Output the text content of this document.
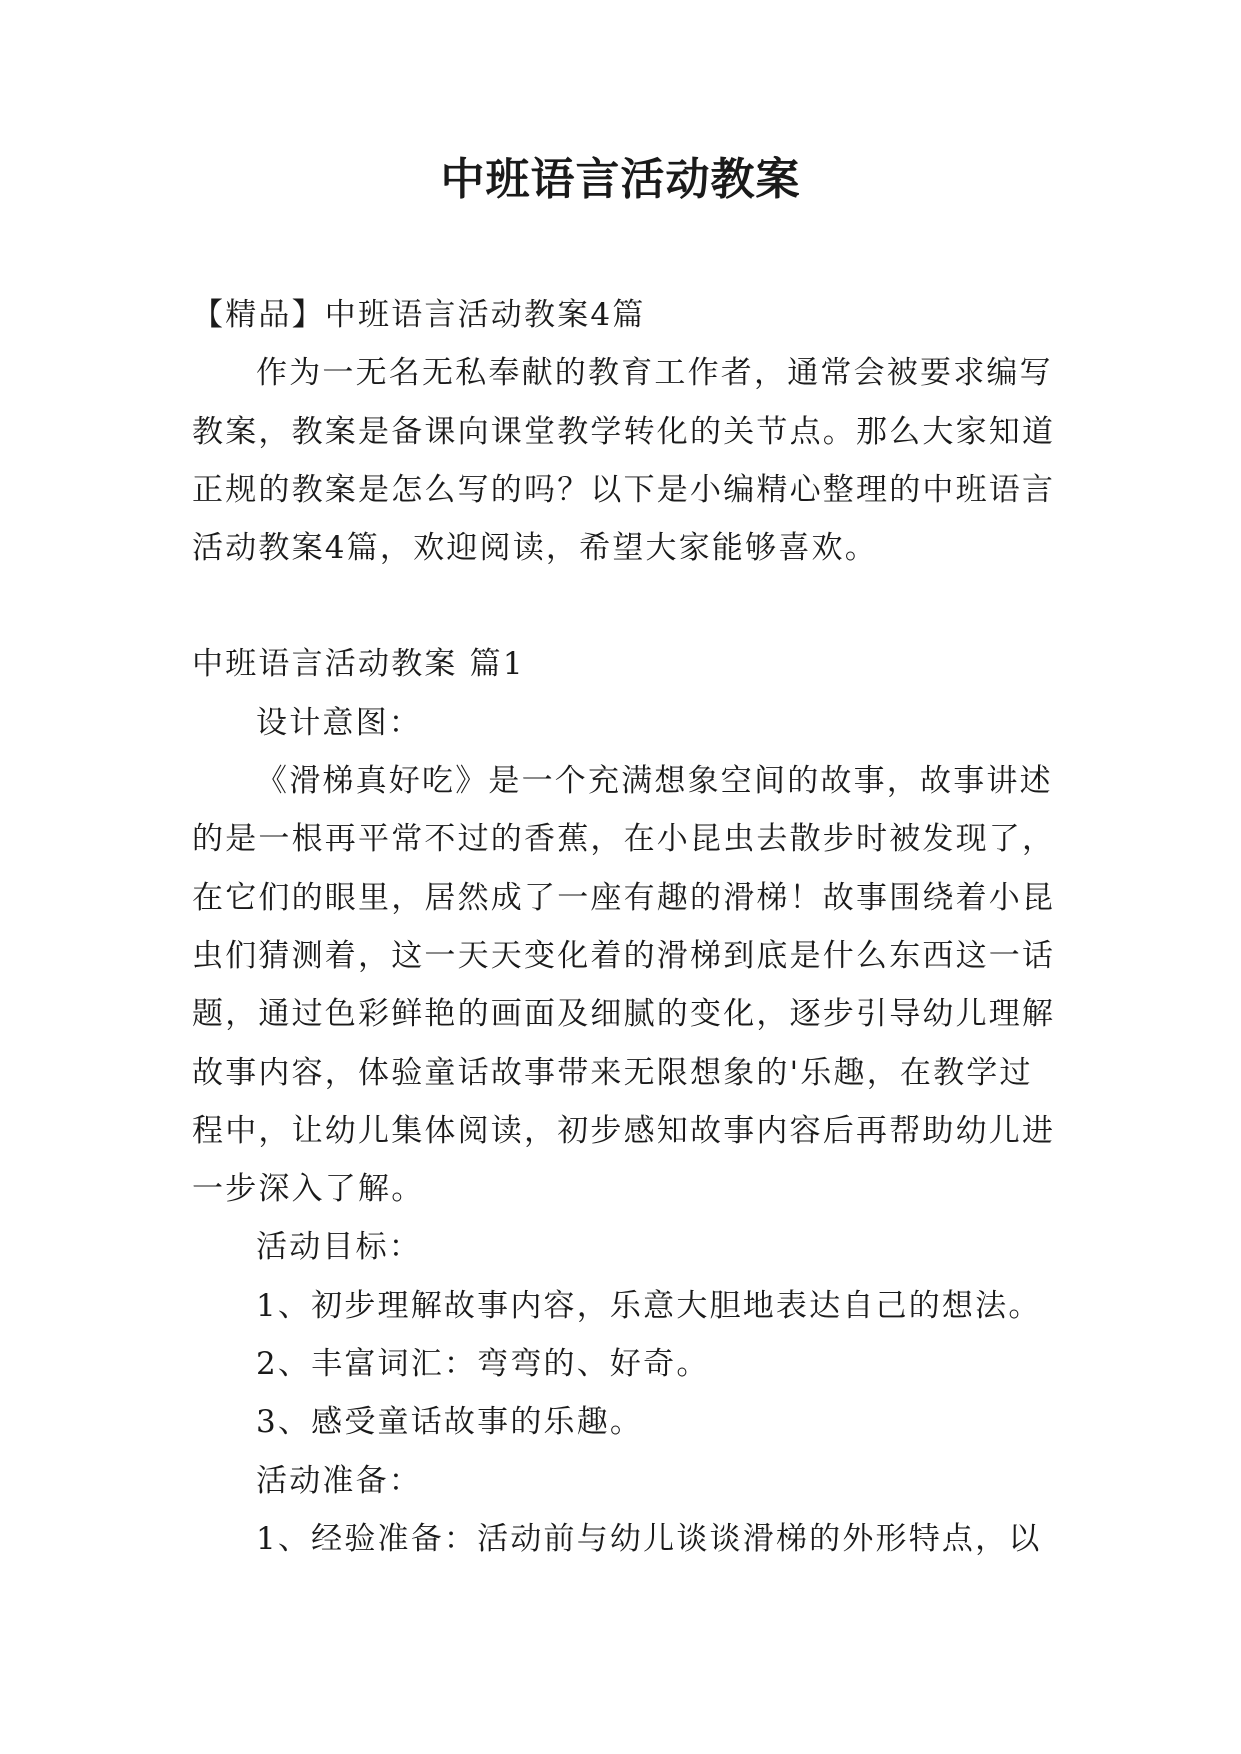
中班语言活动教案

【精品】中班语言活动教案4篇

作为一无名无私奉献的教育工作者，通常会被要求编写教案，教案是备课向课堂教学转化的关节点。那么大家知道正规的教案是怎么写的吗？以下是小编精心整理的中班语言活动教案4篇，欢迎阅读，希望大家能够喜欢。

中班语言活动教案 篇1

设计意图：

《滑梯真好吃》是一个充满想象空间的故事，故事讲述的是一根再平常不过的香蕉，在小昆虫去散步时被发现了，在它们的眼里，居然成了一座有趣的滑梯！故事围绕着小昆虫们猜测着，这一天天变化着的滑梯到底是什么东西这一话题，通过色彩鲜艳的画面及细腻的变化，逐步引导幼儿理解故事内容，体验童话故事带来无限想象的'乐趣，在教学过程中，让幼儿集体阅读，初步感知故事内容后再帮助幼儿进一步深入了解。

活动目标：

1、初步理解故事内容，乐意大胆地表达自己的想法。

2、丰富词汇：弯弯的、好奇。

3、感受童话故事的乐趣。

活动准备：

1、经验准备：活动前与幼儿谈谈滑梯的外形特点，以
